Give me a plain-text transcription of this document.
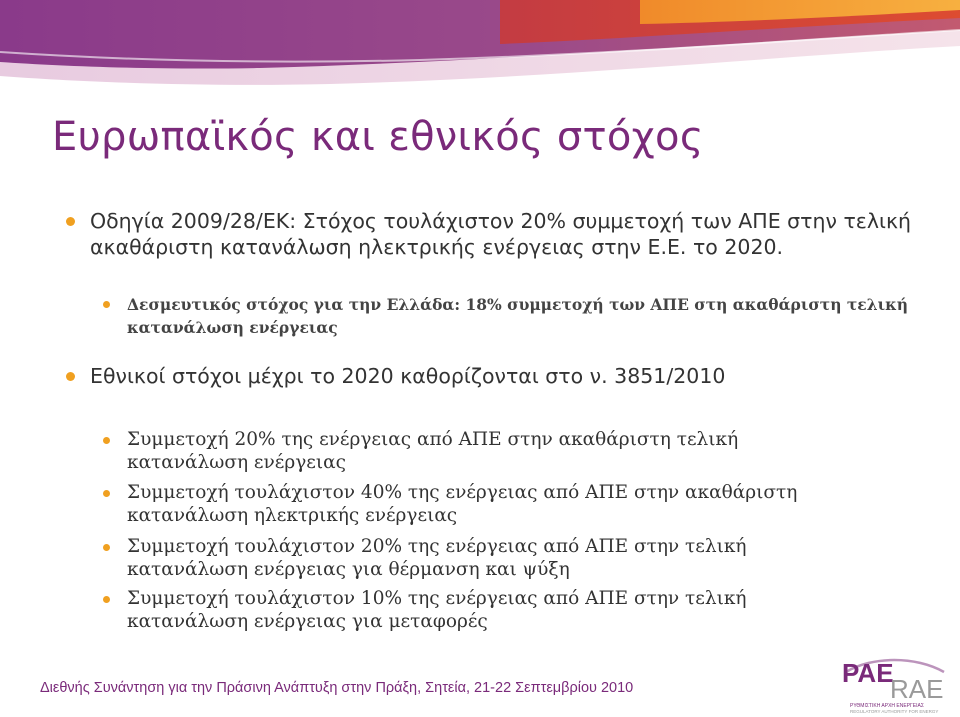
Ευρωπαϊκός και εθνικός στόχος
Οδηγία 2009/28/ΕΚ: Στόχος τουλάχιστον 20% συμμετοχή των ΑΠΕ στην τελική ακαθάριστη κατανάλωση ηλεκτρικής ενέργειας στην Ε.Ε. το 2020.
Δεσμευτικός στόχος για την Ελλάδα: 18% συμμετοχή των ΑΠΕ στη ακαθάριστη τελική κατανάλωση ενέργειας
Εθνικοί στόχοι μέχρι το 2020 καθορίζονται στο ν. 3851/2010
Συμμετοχή 20% της ενέργειας από ΑΠΕ στην ακαθάριστη τελική κατανάλωση ενέργειας
Συμμετοχή τουλάχιστον 40% της ενέργειας από ΑΠΕ στην ακαθάριστη κατανάλωση ηλεκτρικής ενέργειας
Συμμετοχή τουλάχιστον 20% της ενέργειας από ΑΠΕ στην τελική κατανάλωση ενέργειας για θέρμανση και ψύξη
Συμμετοχή τουλάχιστον 10% της ενέργειας από ΑΠΕ στην τελική κατανάλωση ενέργειας για μεταφορές
Διεθνής Συνάντηση για την Πράσινη Ανάπτυξη στην Πράξη, Σητεία, 21-22 Σεπτεμβρίου 2010	ΡΑΕ
RAE
ΡΥΘΜΙΣΤΙΚΗ ΑΡΧΗ ΕΝΕΡΓΕΙΑΣ
REGULATORY AUTHORITY FOR ENERGY
